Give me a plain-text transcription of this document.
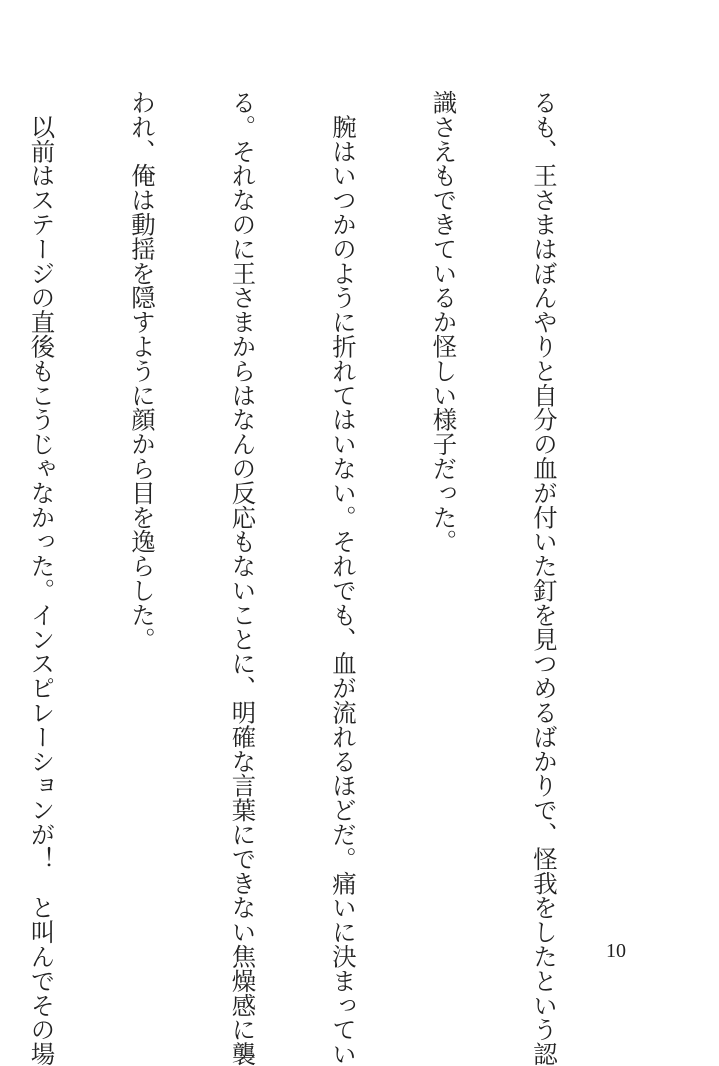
るも、王さまはぼんやりと自分の血が付いた釘を見つめるばかりで、怪我をしたという認

識さえもできているか怪しい様子だった。

　腕はいつかのように折れてはいない。それでも、血が流れるほどだ。痛いに決まってい

る。それなのに王さまからはなんの反応もないことに、明確な言葉にできない焦燥感に襲

われ、俺は動揺を隠すように顔から目を逸らした。

　以前はステージの直後もこうじゃなかった。インスピレーションが！　と叫んでその場

	10
